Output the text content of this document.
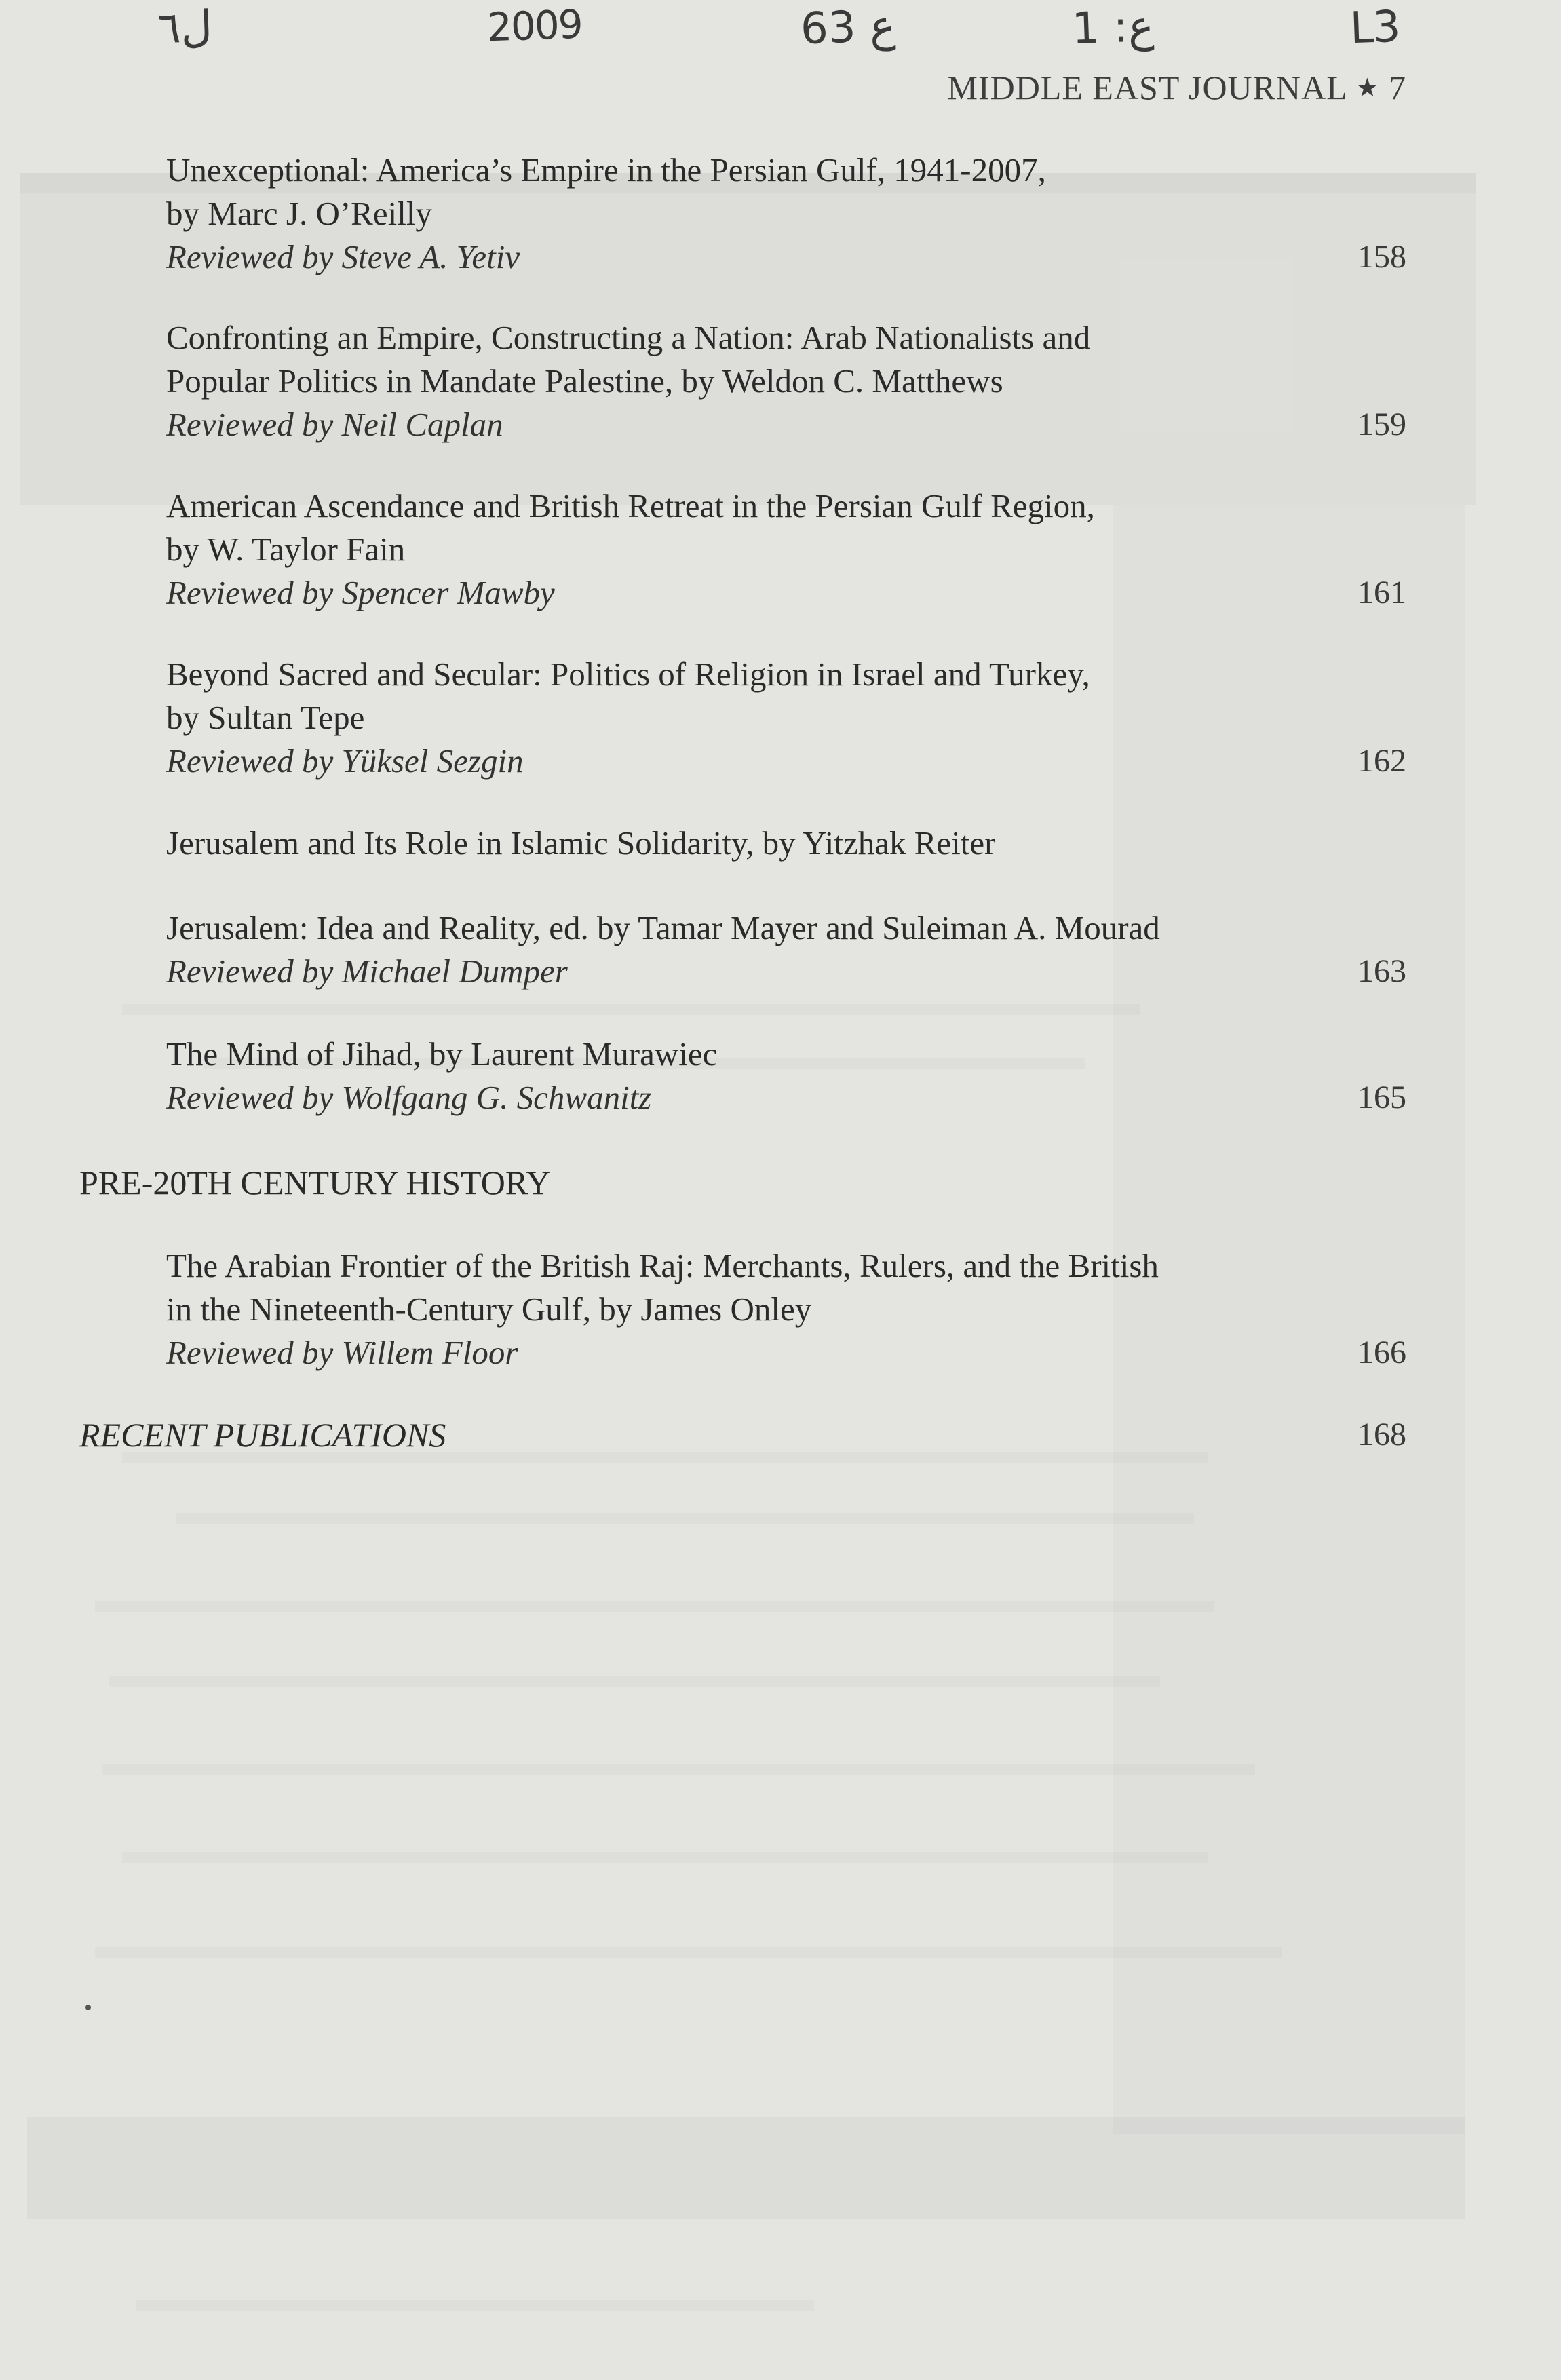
ل٦	2009	ع 63	ع: 1	L3
MIDDLE EAST JOURNAL ★ 7
Unexceptional: America’s Empire in the Persian Gulf, 1941-2007,
by Marc J. O’Reilly
Reviewed by Steve A. Yetiv	158
Confronting an Empire, Constructing a Nation: Arab Nationalists and
Popular Politics in Mandate Palestine, by Weldon C. Matthews
Reviewed by Neil Caplan	159
American Ascendance and British Retreat in the Persian Gulf Region,
by W. Taylor Fain
Reviewed by Spencer Mawby	161
Beyond Sacred and Secular: Politics of Religion in Israel and Turkey,
by Sultan Tepe
Reviewed by Yüksel Sezgin	162
Jerusalem and Its Role in Islamic Solidarity, by Yitzhak Reiter
Jerusalem: Idea and Reality, ed. by Tamar Mayer and Suleiman A. Mourad
Reviewed by Michael Dumper	163
The Mind of Jihad, by Laurent Murawiec
Reviewed by Wolfgang G. Schwanitz	165
PRE-20TH CENTURY HISTORY
The Arabian Frontier of the British Raj: Merchants, Rulers, and the British
in the Nineteenth-Century Gulf, by James Onley
Reviewed by Willem Floor	166
RECENT PUBLICATIONS	168
